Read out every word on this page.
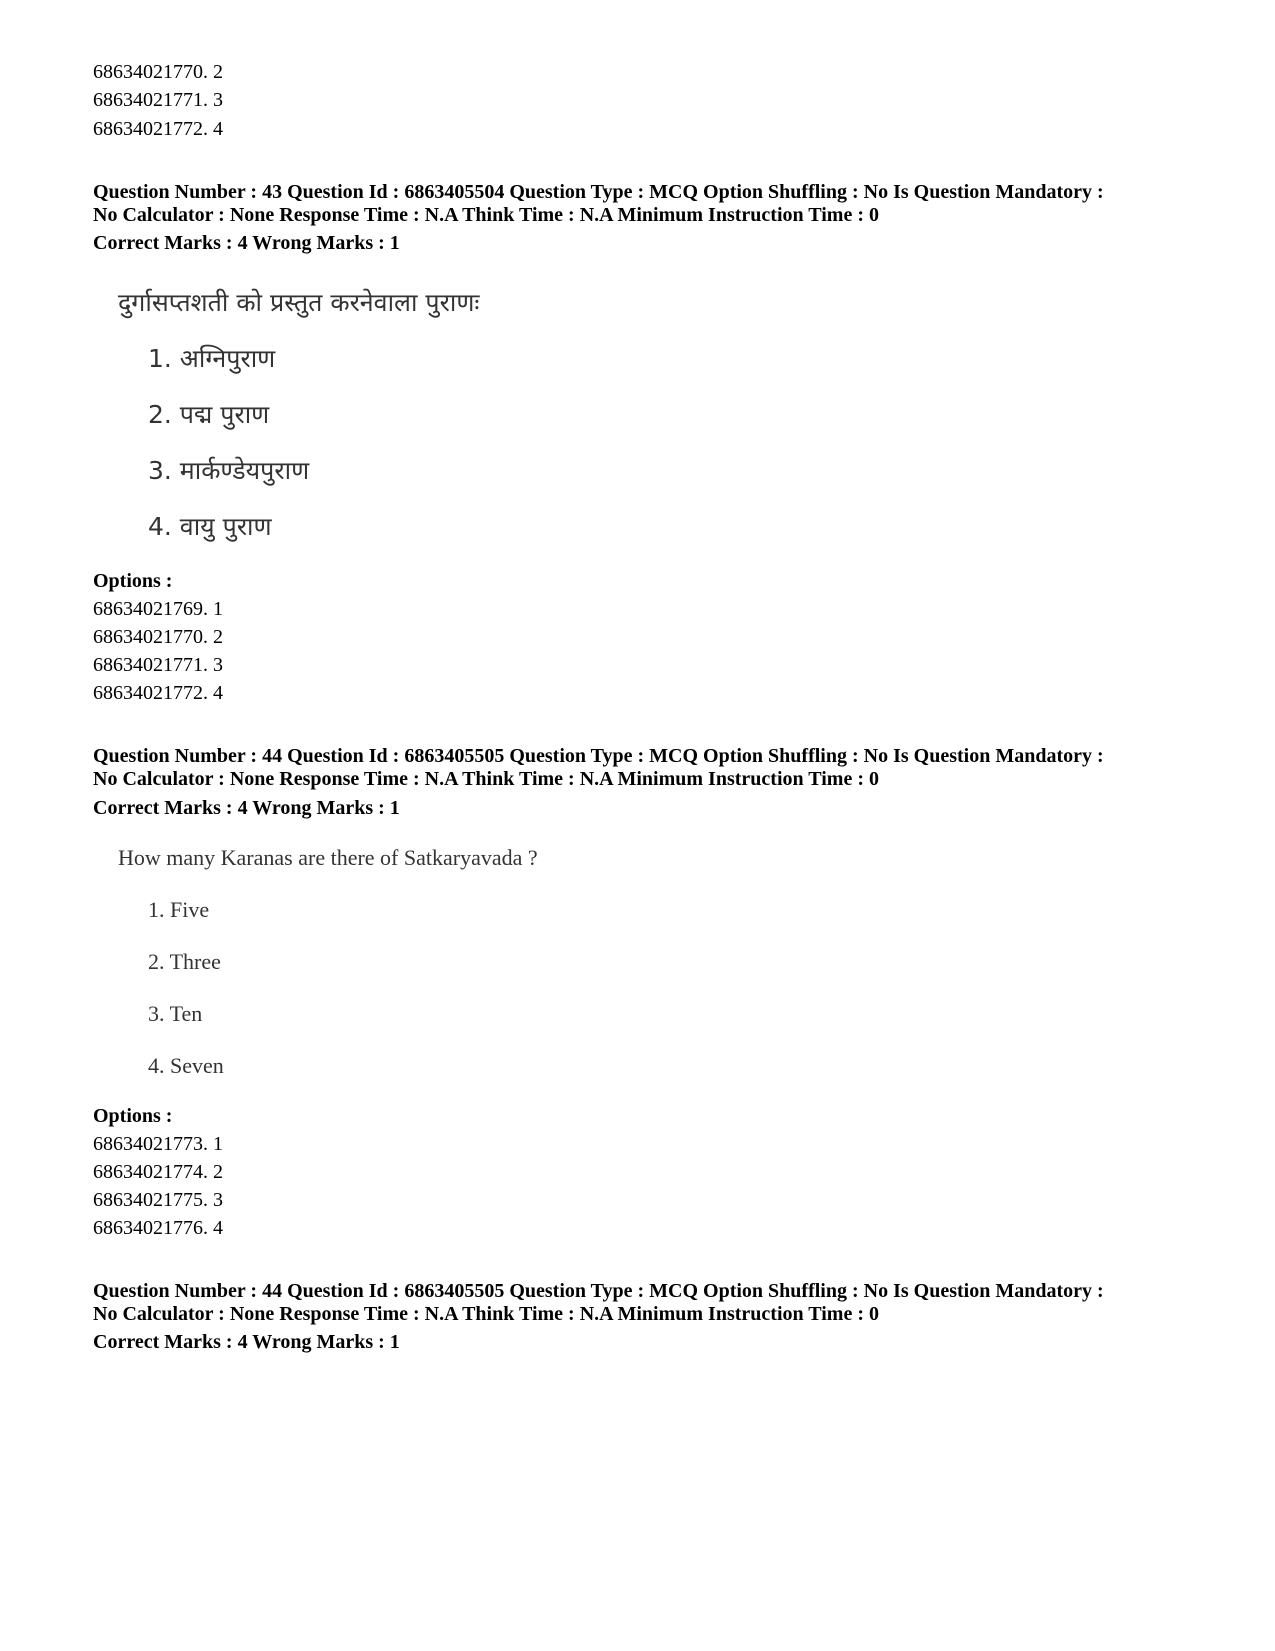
68634021770. 2
68634021771. 3
68634021772. 4
Question Number : 43 Question Id : 6863405504 Question Type : MCQ Option Shuffling : No Is Question Mandatory :
No Calculator : None Response Time : N.A Think Time : N.A Minimum Instruction Time : 0
Correct Marks : 4 Wrong Marks : 1
दुर्गासप्तशती को प्रस्तुत करनेवाला पुराणः
1. अग्निपुराण
2. पद्म पुराण
3. मार्कण्डेयपुराण
4. वायु पुराण
Options :
68634021769. 1
68634021770. 2
68634021771. 3
68634021772. 4
Question Number : 44 Question Id : 6863405505 Question Type : MCQ Option Shuffling : No Is Question Mandatory :
No Calculator : None Response Time : N.A Think Time : N.A Minimum Instruction Time : 0
Correct Marks : 4 Wrong Marks : 1
How many Karanas are there of Satkaryavada ?
1. Five
2. Three
3. Ten
4. Seven
Options :
68634021773. 1
68634021774. 2
68634021775. 3
68634021776. 4
Question Number : 44 Question Id : 6863405505 Question Type : MCQ Option Shuffling : No Is Question Mandatory :
No Calculator : None Response Time : N.A Think Time : N.A Minimum Instruction Time : 0
Correct Marks : 4 Wrong Marks : 1
